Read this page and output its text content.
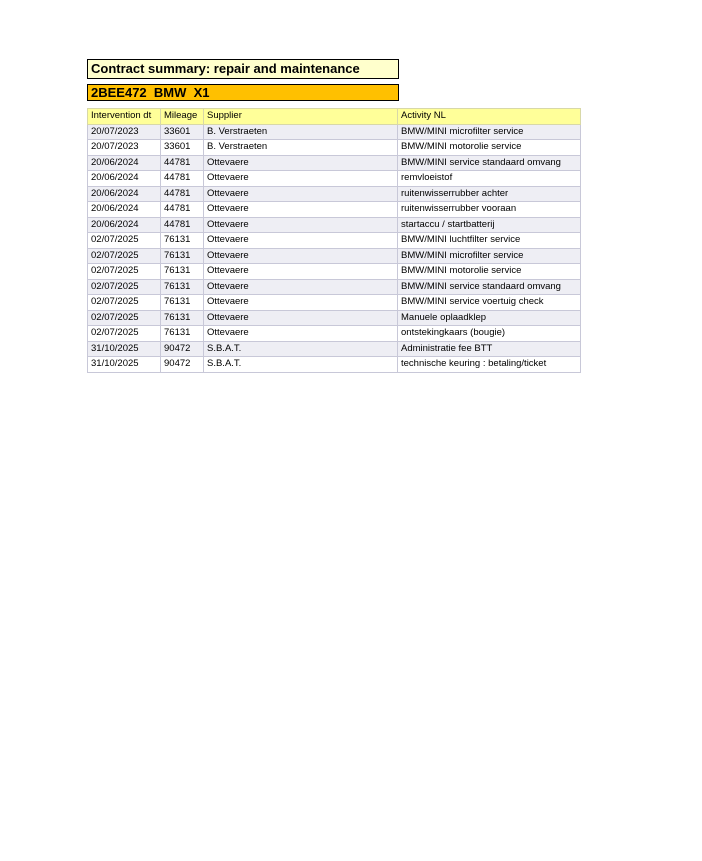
Contract summary: repair and maintenance
2BEE472  BMW  X1
Intervention dt	Mileage	Supplier	Activity NL
20/07/2023	33601	B. Verstraeten	BMW/MINI microfilter service
20/07/2023	33601	B. Verstraeten	BMW/MINI motorolie service
20/06/2024	44781	Ottevaere	BMW/MINI service standaard omvang
20/06/2024	44781	Ottevaere	remvloeistof
20/06/2024	44781	Ottevaere	ruitenwisserrubber achter
20/06/2024	44781	Ottevaere	ruitenwisserrubber vooraan
20/06/2024	44781	Ottevaere	startaccu / startbatterij
02/07/2025	76131	Ottevaere	BMW/MINI luchtfilter service
02/07/2025	76131	Ottevaere	BMW/MINI microfilter service
02/07/2025	76131	Ottevaere	BMW/MINI motorolie service
02/07/2025	76131	Ottevaere	BMW/MINI service standaard omvang
02/07/2025	76131	Ottevaere	BMW/MINI service voertuig check
02/07/2025	76131	Ottevaere	Manuele oplaadklep
02/07/2025	76131	Ottevaere	ontstekingkaars (bougie)
31/10/2025	90472	S.B.A.T.	Administratie fee BTT
31/10/2025	90472	S.B.A.T.	technische keuring : betaling/ticket
